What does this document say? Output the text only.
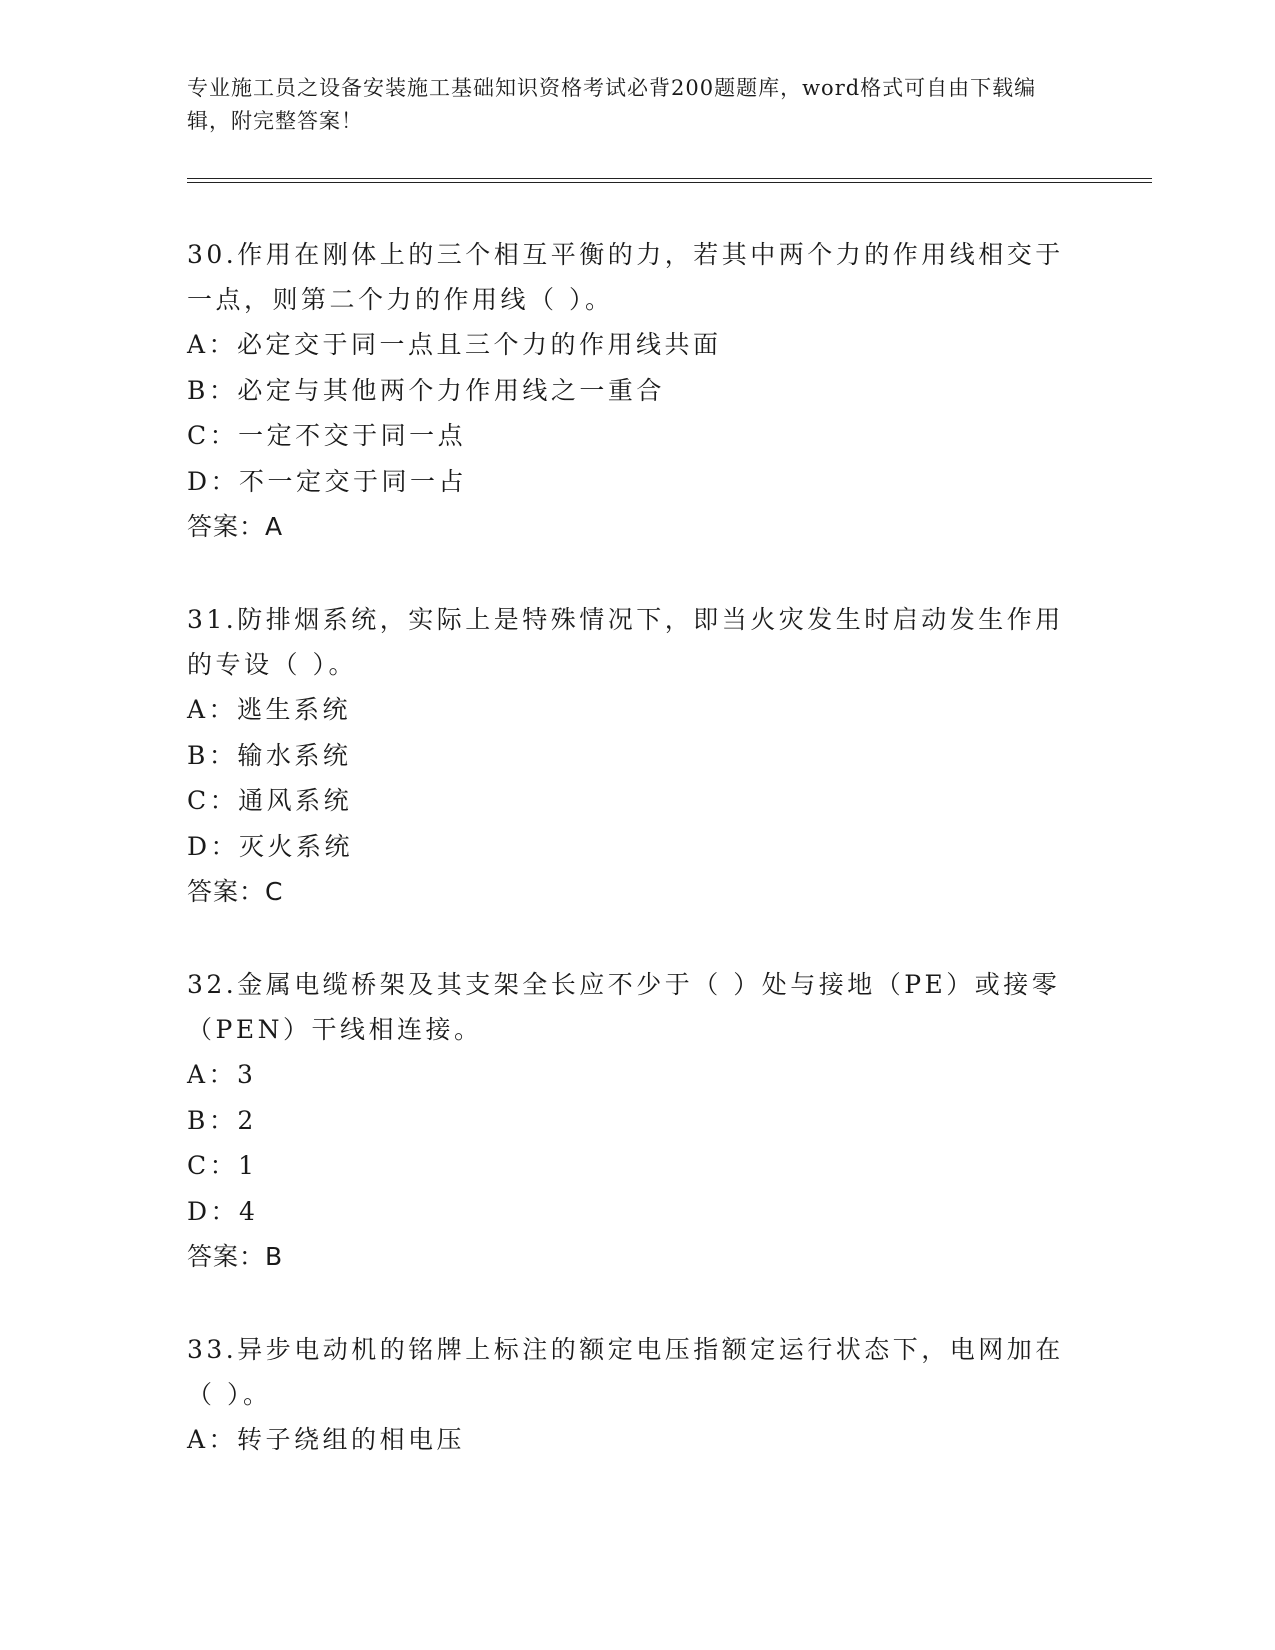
专业施工员之设备安装施工基础知识资格考试必背200题题库，word格式可自由下载编辑，附完整答案！

30.作用在刚体上的三个相互平衡的力，若其中两个力的作用线相交于一点，则第二个力的作用线（ ）。

A：必定交于同一点且三个力的作用线共面

B：必定与其他两个力作用线之一重合

C：一定不交于同一点

D：不一定交于同一占

答案：A

31.防排烟系统，实际上是特殊情况下，即当火灾发生时启动发生作用的专设（ ）。

A：逃生系统

B：输水系统

C：通风系统

D：灭火系统

答案：C

32.金属电缆桥架及其支架全长应不少于（ ）处与接地（PE）或接零（PEN）干线相连接。

A：3

B：2

C：1

D：4

答案：B

33.异步电动机的铭牌上标注的额定电压指额定运行状态下，电网加在（ ）。

A：转子绕组的相电压
